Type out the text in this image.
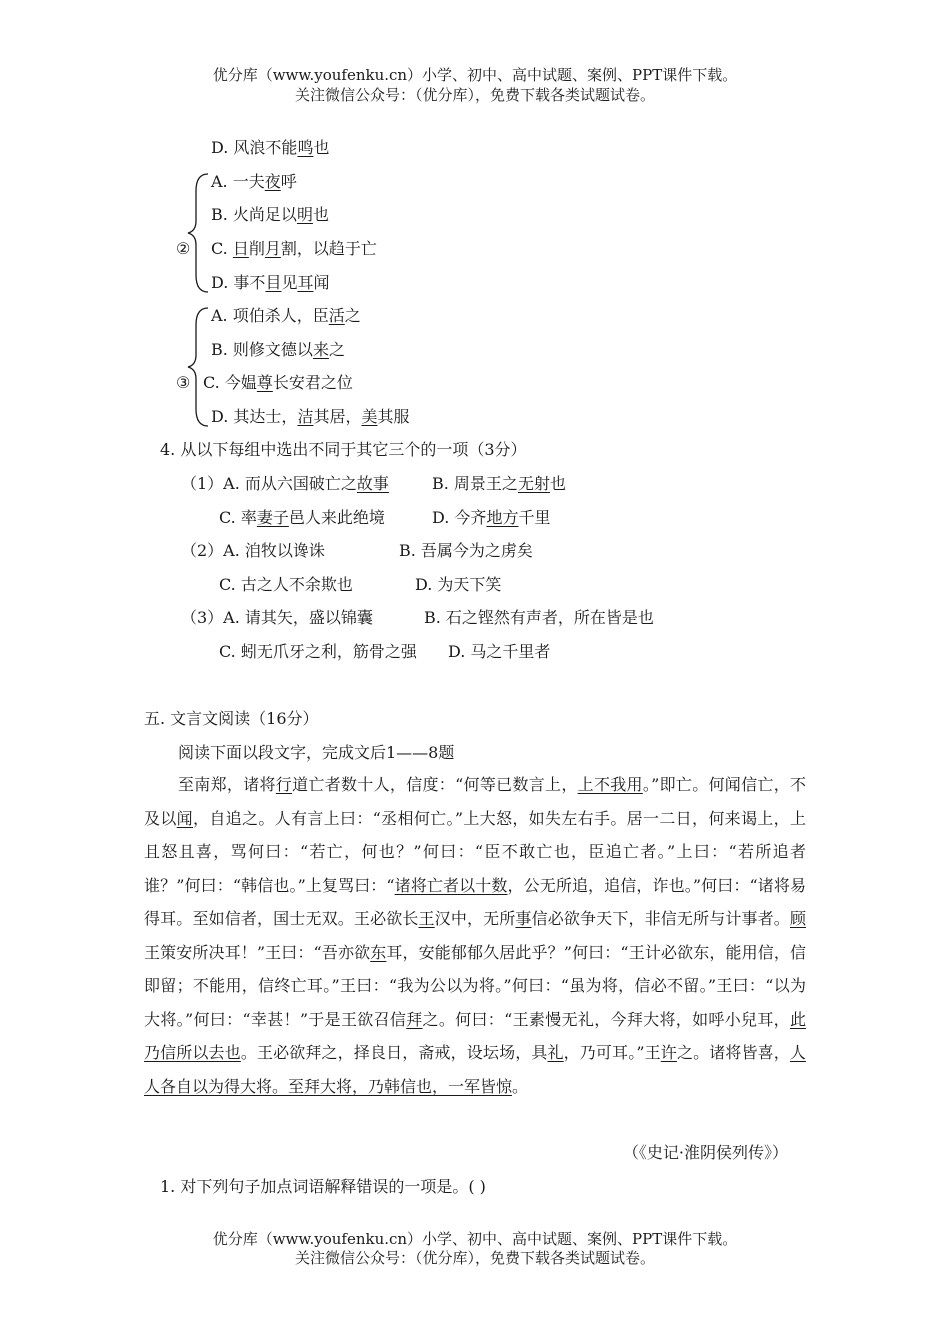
优分库（www.youfenku.cn）小学、初中、高中试题、案例、PPT课件下载。
关注微信公众号：（优分库），免费下载各类试题试卷。
D. 风浪不能鸣也
②
A. 一夫夜呼
B. 火尚足以明也
C. 日削月割，以趋于亡
D. 事不目见耳闻
③
A. 项伯杀人，臣活之
B. 则修文德以来之
C. 今媪尊长安君之位
D. 其达士，洁其居，美其服
4. 从以下每组中选出不同于其它三个的一项（3分）
（1）A. 而从六国破亡之故事	B. 周景王之无射也
C. 率妻子邑人来此绝境	D. 今齐地方千里
（2）A. 洎牧以谗诛	B. 吾属今为之虏矣
C. 古之人不余欺也	D. 为天下笑
（3）A. 请其矢，盛以锦囊	B. 石之铿然有声者，所在皆是也
C. 蚓无爪牙之利，筋骨之强 D. 马之千里者
五. 文言文阅读（16分）
阅读下面以段文字，完成文后1——8题

至南郑，诸将行道亡者数十人，信度：“何等已数言上，上不我用。”即亡。何闻信亡，不及以闻，自追之。人有言上曰：“丞相何亡。”上大怒，如失左右手。居一二日，何来谒上，上且怒且喜，骂何曰：“若亡，何也？”何曰：“臣不敢亡也，臣追亡者。”上曰：“若所追者谁？”何曰：“韩信也。”上复骂曰：“诸将亡者以十数，公无所追，追信，诈也。”何曰：“诸将易得耳。至如信者，国士无双。王必欲长王汉中，无所事信必欲争天下，非信无所与计事者。顾王策安所决耳！”王曰：“吾亦欲东耳，安能郁郁久居此乎？”何曰：“王计必欲东，能用信，信即留；不能用，信终亡耳。”王曰：“我为公以为将。”何曰：“虽为将，信必不留。”王曰：“以为大将。”何曰：“幸甚！”于是王欲召信拜之。何曰：“王素慢无礼，今拜大将，如呼小兒耳，此乃信所以去也。王必欲拜之，择良日，斋戒，设坛场，具礼，乃可耳。”王许之。诸将皆喜，人人各自以为得大将。至拜大将，乃韩信也，一军皆惊。

（《史记·淮阴侯列传》）
1. 对下列句子加点词语解释错误的一项是。( )
优分库（www.youfenku.cn）小学、初中、高中试题、案例、PPT课件下载。
关注微信公众号：（优分库），免费下载各类试题试卷。
